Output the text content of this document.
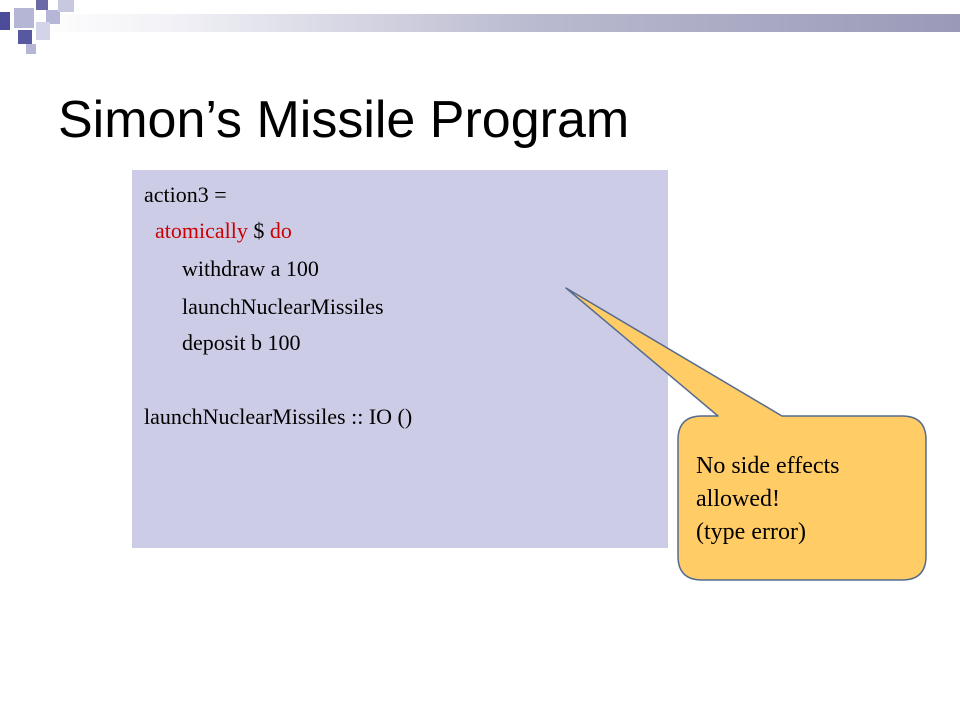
Simon’s Missile Program

action3 =

atomically $ do

withdraw a 100

launchNuclearMissiles

deposit b 100

launchNuclearMissiles :: IO ()

No side effects
allowed!
(type error)
